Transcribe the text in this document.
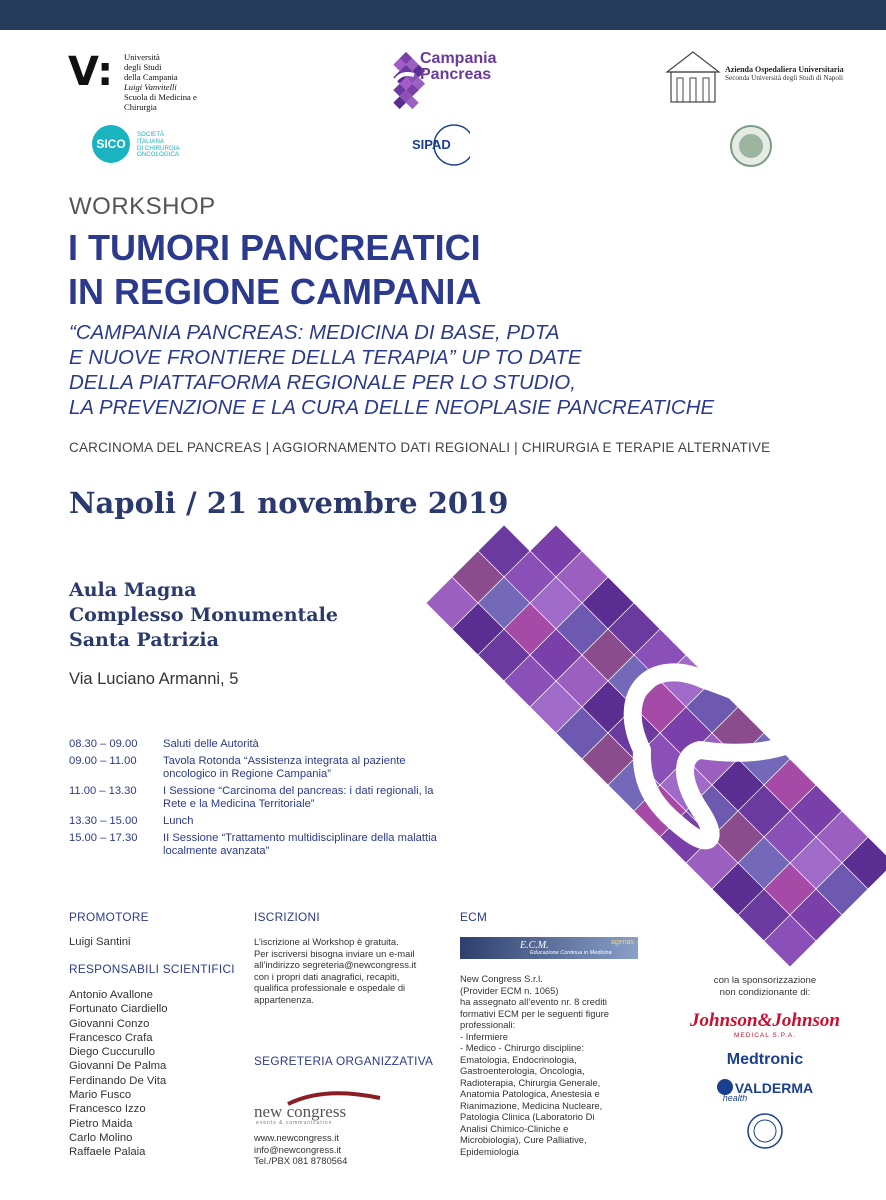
V: Università
degli Studi
della Campania
Luigi Vanvitelli
Scuola di Medicina e
Chirurgia
Campania
Pancreas	Azienda Ospedaliera Universitaria
Seconda Università degli Studi di Napoli
SICO
SOCIETÀ
ITALIANA
DI CHIRURGIA
ONCOLOGICA
SIPAD
WORKSHOP
I TUMORI PANCREATICI
IN REGIONE CAMPANIA
“CAMPANIA PANCREAS: MEDICINA DI BASE, PDTA
E NUOVE FRONTIERE DELLA TERAPIA” UP TO DATE
DELLA PIATTAFORMA REGIONALE PER LO STUDIO,
LA PREVENZIONE E LA CURA DELLE NEOPLASIE PANCREATICHE
CARCINOMA DEL PANCREAS | AGGIORNAMENTO DATI REGIONALI | CHIRURGIA E TERAPIE ALTERNATIVE
Napoli / 21 novembre 2019
Aula Magna
Complesso Monumentale
Santa Patrizia
Via Luciano Armanni, 5
08.30 – 09.00	Saluti delle Autorità
09.00 – 11.00	Tavola Rotonda “Assistenza integrata al paziente oncologico in Regione Campania”
11.00 – 13.30	I Sessione “Carcinoma del pancreas: i dati regionali, la Rete e la Medicina Territoriale”
13.30 – 15.00	Lunch
15.00 – 17.30	II Sessione “Trattamento multidisciplinare della malattia localmente avanzata”
PROMOTORE
Luigi Santini
RESPONSABILI SCIENTIFICI
Antonio Avallone
Fortunato Ciardiello
Giovanni Conzo
Francesco Crafa
Diego Cuccurullo
Giovanni De Palma
Ferdinando De Vita
Mario Fusco
Francesco Izzo
Pietro Maida
Carlo Molino
Raffaele Palaia
ISCRIZIONI
L’iscrizione al Workshop è gratuita.
Per iscriversi bisogna inviare un e-mail
all’indirizzo segreteria@newcongress.it
con i propri dati anagrafici, recapiti,
qualifica professionale e ospedale di
appartenenza.
SEGRETERIA ORGANIZZATIVA
new congress
events & communication
www.newcongress.it
info@newcongress.it
Tel./PBX 081 8780564
ECM
E.C.M.	agenas
Educazione Continua in Medicina
New Congress S.r.l.
(Provider ECM n. 1065)
ha assegnato all’evento nr. 8 crediti
formativi ECM per le seguenti figure
professionali:
- Infermiere
- Medico - Chirurgo discipline:
Ematologia, Endocrinologia,
Gastroenterologia, Oncologia,
Radioterapia, Chirurgia Generale,
Anatomia Patologica, Anestesia e
Rianimazione, Medicina Nucleare,
Patologia Clinica (Laboratorio Di
Analisi Chimico-Cliniche e
Microbiologia), Cure Palliative,
Epidemiologia
con la sponsorizzazione
non condizionante di:
Johnson&Johnson
MEDICAL S.P.A.
Medtronic
VALDERMA
health
